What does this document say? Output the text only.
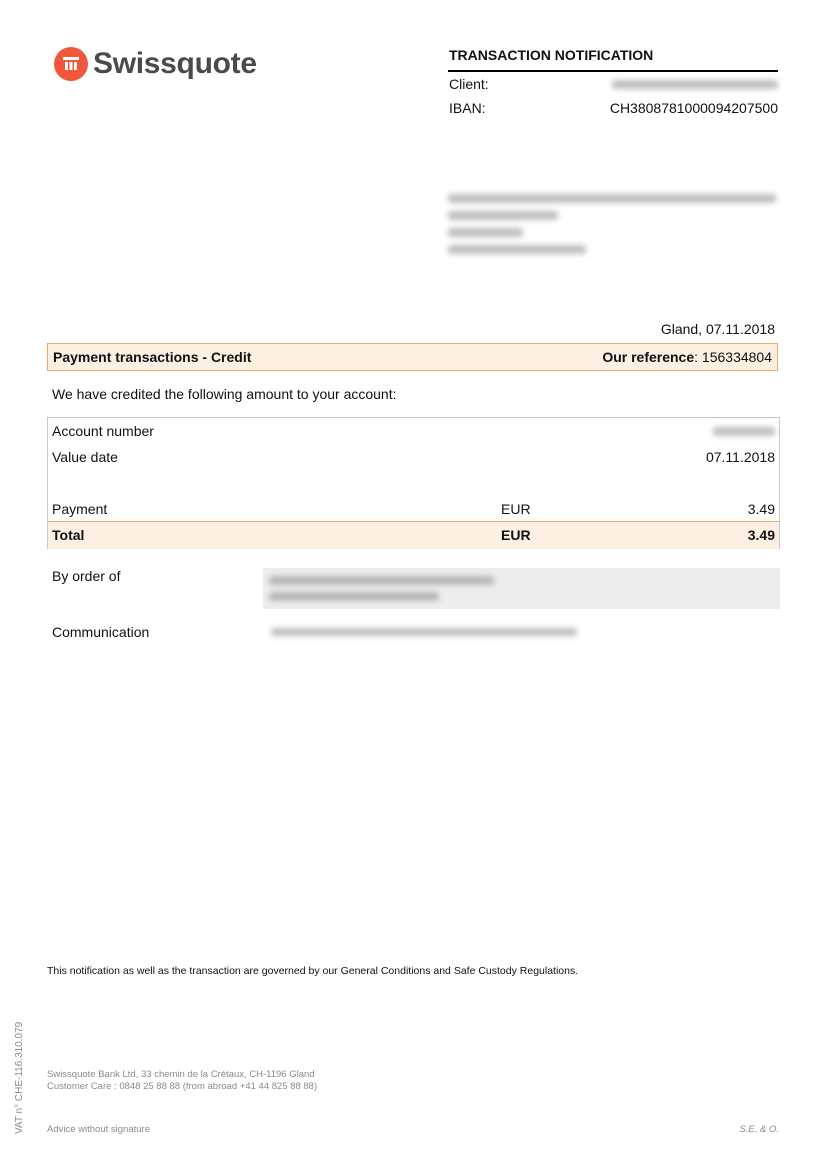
Swissquote	TRANSACTION NOTIFICATION
Client:
IBAN:	CH3808781000094207500
Gland, 07.11.2018
Payment transactions - Credit	Our reference: 156334804
We have credited the following amount to your account:
Account number
Value date	07.11.2018
Payment	EUR	3.49
Total	EUR	3.49
By order of
Communication
This notification as well as the transaction are governed by our General Conditions and Safe Custody Regulations.
Swissquote Bank Ltd, 33 chemin de la Crétaux, CH-1196 Gland
Customer Care : 0848 25 88 88 (from abroad +41 44 825 88 88)
Advice without signature	S.E. & O.
VAT n° CHE-116.310.079
